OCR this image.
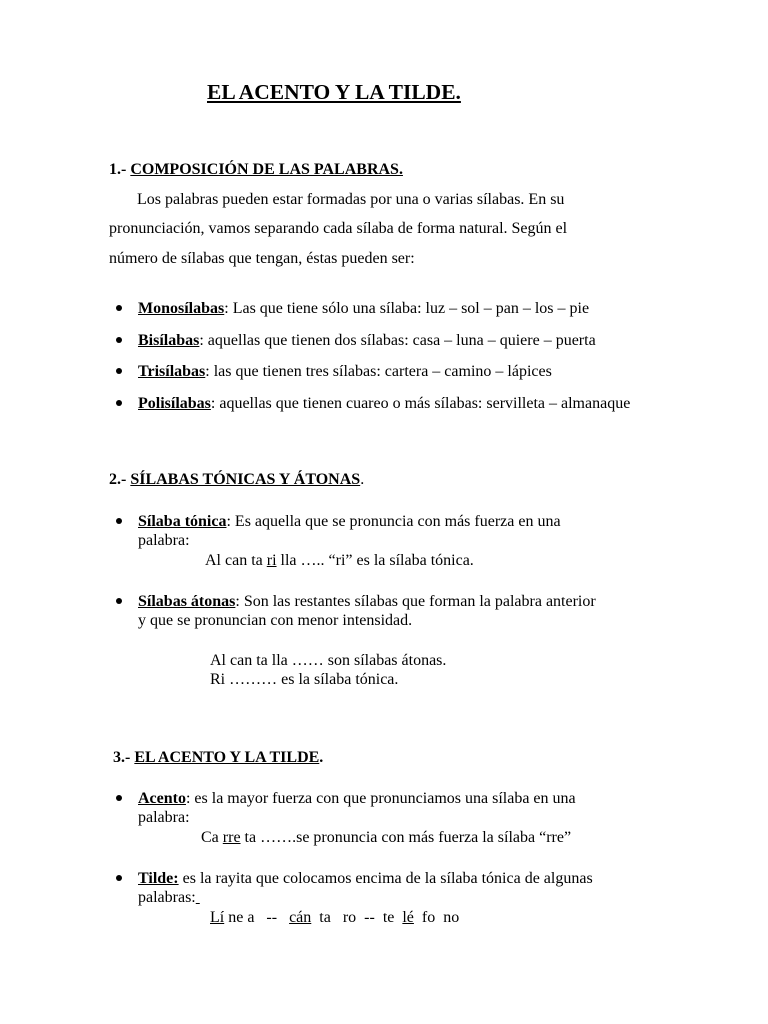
EL ACENTO Y LA TILDE.
1.- COMPOSICIÓN DE LAS PALABRAS.
Los palabras pueden estar formadas por una o varias sílabas. En su
pronunciación, vamos separando cada sílaba de forma natural. Según el
número de sílabas que tengan, éstas pueden ser:
Monosílabas: Las que tiene sólo una sílaba: luz – sol – pan – los – pie
Bisílabas: aquellas que tienen dos sílabas: casa – luna – quiere – puerta
Trisílabas: las que tienen tres sílabas: cartera – camino – lápices
Polisílabas: aquellas que tienen cuareo o más sílabas: servilleta – almanaque
2.- SÍLABAS TÓNICAS Y ÁTONAS.
Sílaba tónica: Es aquella que se pronuncia con más fuerza en una
palabra:
Al can ta ri lla ….. “ri” es la sílaba tónica.
Sílabas átonas: Son las restantes sílabas que forman la palabra anterior
y que se pronuncian con menor intensidad.
Al can ta lla …… son sílabas átonas.
Ri ……… es la sílaba tónica.
3.- EL ACENTO Y LA TILDE.
Acento: es la mayor fuerza con que pronunciamos una sílaba en una
palabra:
Ca rre ta …….se pronuncia con más fuerza la sílaba “rre”
Tilde: es la rayita que colocamos encima de la sílaba tónica de algunas
palabras:
Lí ne a   --   cán  ta   ro  --  te  lé  fo  no
